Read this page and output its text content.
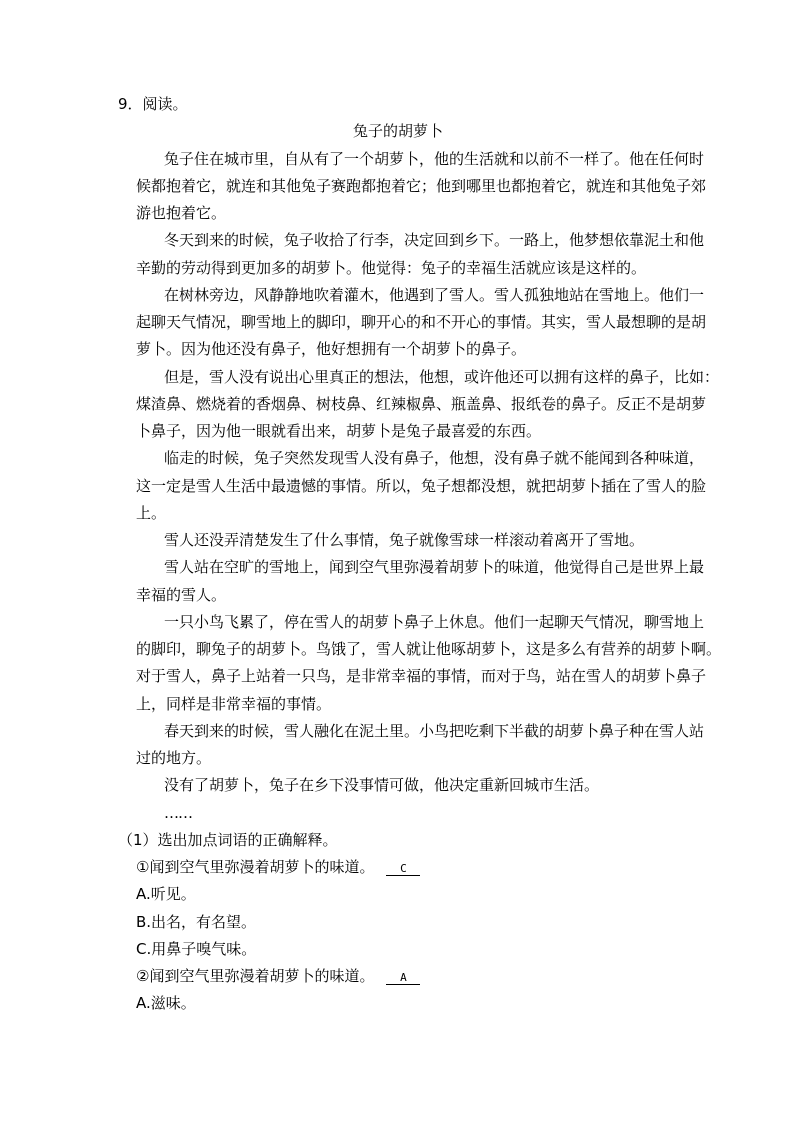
9．阅读。
兔子的胡萝卜
兔子住在城市里，自从有了一个胡萝卜，他的生活就和以前不一样了。他在任何时
候都抱着它，就连和其他兔子赛跑都抱着它；他到哪里也都抱着它，就连和其他兔子郊
游也抱着它。
冬天到来的时候，兔子收拾了行李，决定回到乡下。一路上，他梦想依靠泥土和他
辛勤的劳动得到更加多的胡萝卜。他觉得：兔子的幸福生活就应该是这样的。
在树林旁边，风静静地吹着灌木，他遇到了雪人。雪人孤独地站在雪地上。他们一
起聊天气情况，聊雪地上的脚印，聊开心的和不开心的事情。其实，雪人最想聊的是胡
萝卜。因为他还没有鼻子，他好想拥有一个胡萝卜的鼻子。
但是，雪人没有说出心里真正的想法，他想，或许他还可以拥有这样的鼻子，比如：
煤渣鼻、燃烧着的香烟鼻、树枝鼻、红辣椒鼻、瓶盖鼻、报纸卷的鼻子。反正不是胡萝
卜鼻子，因为他一眼就看出来，胡萝卜是兔子最喜爱的东西。
临走的时候，兔子突然发现雪人没有鼻子，他想，没有鼻子就不能闻到各种味道，
这一定是雪人生活中最遗憾的事情。所以，兔子想都没想，就把胡萝卜插在了雪人的脸
上。
雪人还没弄清楚发生了什么事情，兔子就像雪球一样滚动着离开了雪地。
雪人站在空旷的雪地上，闻到空气里弥漫着胡萝卜的味道，他觉得自己是世界上最
幸福的雪人。
一只小鸟飞累了，停在雪人的胡萝卜鼻子上休息。他们一起聊天气情况，聊雪地上
的脚印，聊兔子的胡萝卜。鸟饿了，雪人就让他啄胡萝卜，这是多么有营养的胡萝卜啊。
对于雪人，鼻子上站着一只鸟，是非常幸福的事情，而对于鸟，站在雪人的胡萝卜鼻子
上，同样是非常幸福的事情。
春天到来的时候，雪人融化在泥土里。小鸟把吃剩下半截的胡萝卜鼻子种在雪人站
过的地方。
没有了胡萝卜，兔子在乡下没事情可做，他决定重新回城市生活。
……
（1）选出加点词语的正确解释。
①闻到空气里弥漫着胡萝卜的味道。 C
A.听见。
B.出名，有名望。
C.用鼻子嗅气味。
②闻到空气里弥漫着胡萝卜的味道。 A
A.滋味。
